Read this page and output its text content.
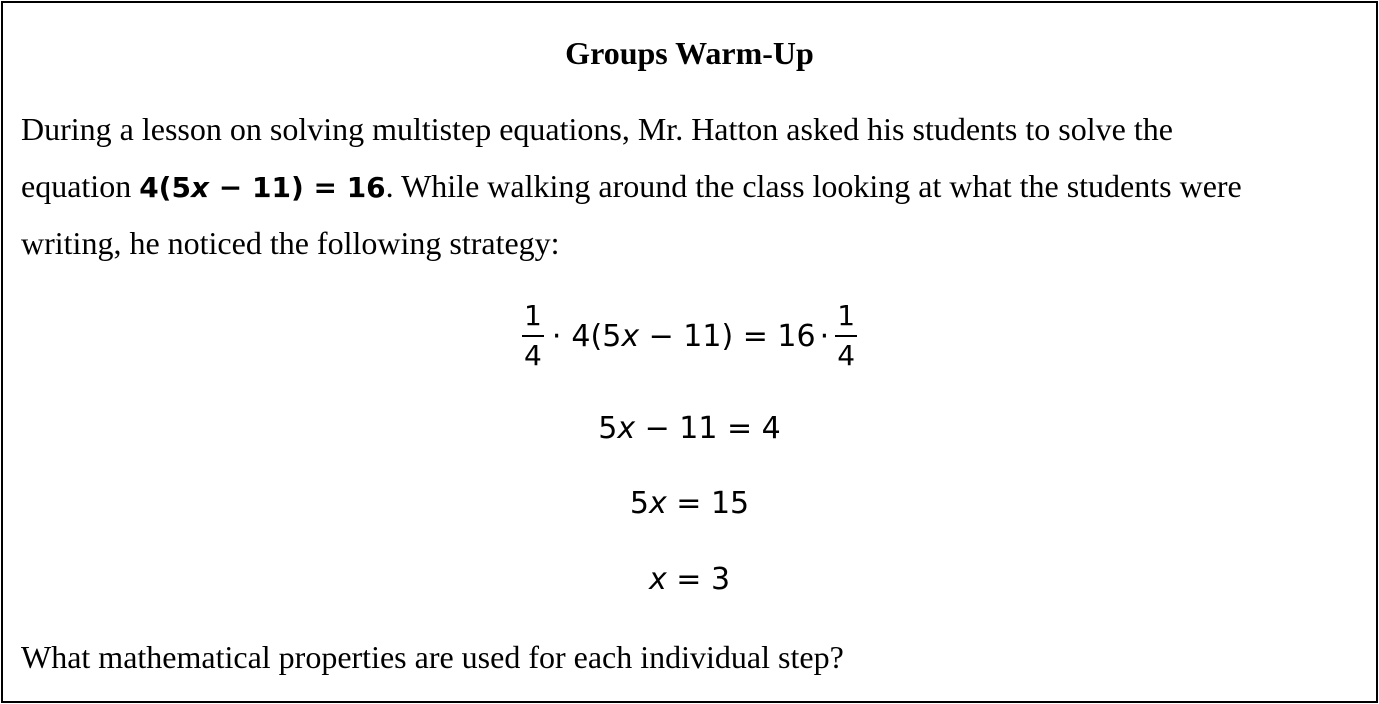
Groups Warm-Up
During a lesson on solving multistep equations, Mr. Hatton asked his students to solve the
equation 4(5x − 11) = 16. While walking around the class looking at what the students were
writing, he noticed the following strategy:
$\frac{1}{4} \cdot 4(5x - 11) = 16 \cdot \frac{1}{4}$
5x − 11 = 4
5x = 15
x = 3
What mathematical properties are used for each individual step?
